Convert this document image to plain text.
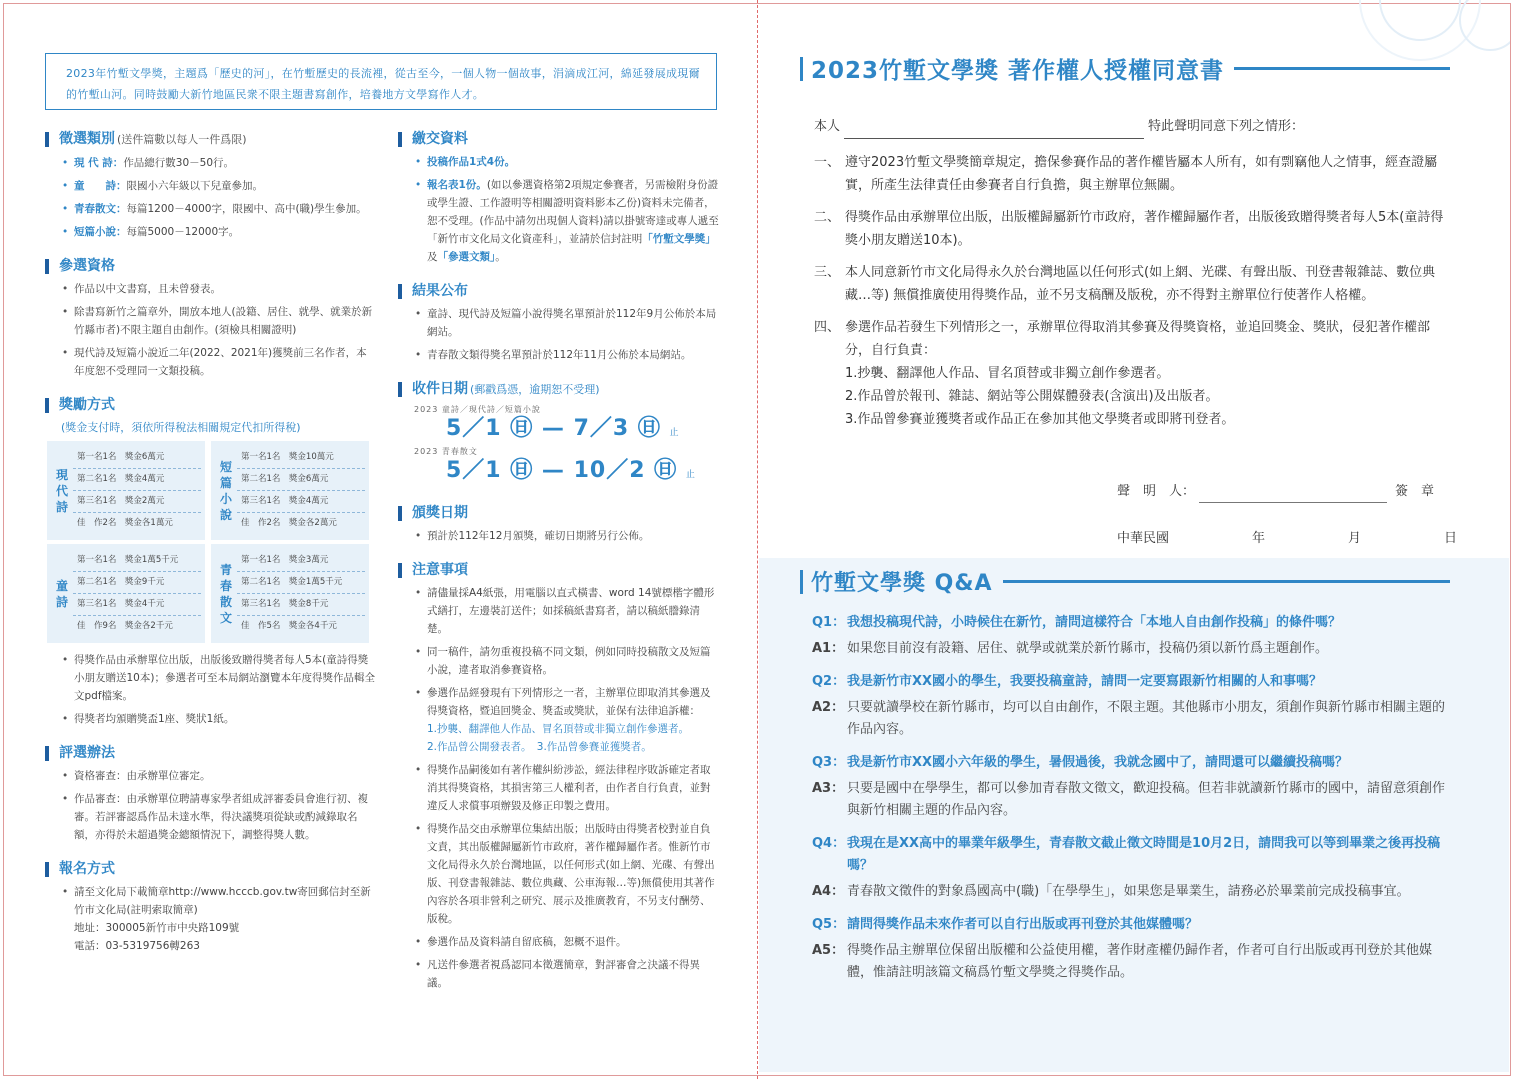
2023年竹塹文學獎，主題爲「歷史的河」，在竹塹歷史的長流裡，從古至今，一個人物一個故事，涓滴成江河，綿延發展成現爾的竹塹山河。同時鼓勵大新竹地區民衆不限主題書寫創作，培養地方文學寫作人才。
徵選類別 (送件篇數以每人一件爲限)
• 現 代 詩：作品總行數30－50行。
• 童　　詩：限國小六年級以下兒童參加。
• 青春散文：每篇1200－4000字，限國中、高中(職)學生參加。
• 短篇小說：每篇5000－12000字。
參選資格
• 作品以中文書寫，且未曾發表。
• 除書寫新竹之篇章外，開放本地人(設籍、居住、就學、就業於新竹縣市者)不限主題自由創作。(須檢具相關證明)
• 現代詩及短篇小說近二年(2022、2021年)獲獎前三名作者，本年度恕不受理同一文類投稿。
獎勵方式
(獎金支付時，須依所得稅法相關規定代扣所得稅)
現代詩
第一名1名　獎金6萬元
第二名1名　獎金4萬元
第三名1名　獎金2萬元
佳　作2名　獎金各1萬元
短篇小說
第一名1名　獎金10萬元
第二名1名　獎金6萬元
第三名1名　獎金4萬元
佳　作2名　獎金各2萬元
童詩
第一名1名　獎金1萬5千元
第二名1名　獎金9千元
第三名1名　獎金4千元
佳　作9名　獎金各2千元
青春散文
第一名1名　獎金3萬元
第二名1名　獎金1萬5千元
第三名1名　獎金8千元
佳　作5名　獎金各4千元
• 得獎作品由承辦單位出版，出版後致贈得獎者每人5本(童詩得獎小朋友贈送10本)；參選者可至本局網站瀏覽本年度得獎作品輯全文pdf檔案。
• 得獎者均頒贈獎盃1座、獎狀1紙。
評選辦法
• 資格審查：由承辦單位審定。
• 作品審查：由承辦單位聘請專家學者組成評審委員會進行初、複審。若評審認爲作品未達水準，得決議獎項從缺或酌減錄取名額，亦得於未超過獎金總額情況下，調整得獎人數。
報名方式
• 請至文化局下載簡章http://www.hcccb.gov.tw寄回郵信封至新竹市文化局(註明索取簡章)
地址：300005新竹市中央路109號
電話：03-5319756轉263
繳交資料
• 投稿作品1式4份。
• 報名表1份。(如以參選資格第2項規定參賽者，另需檢附身份證或學生證、工作證明等相關證明資料影本乙份)資料未完備者，恕不受理。(作品中請勿出現個人資料)請以掛號寄達或專人遞至「新竹市文化局文化資產科」，並請於信封註明「竹塹文學獎」及「參選文類」。
結果公布
• 童詩、現代詩及短篇小說得獎名單預計於112年9月公佈於本局網站。
• 青春散文類得獎名單預計於112年11月公佈於本局網站。
收件日期 (郵戳爲憑，逾期恕不受理)
2023 童詩／現代詩／短篇小說
5／1 ㊐ — 7／3 ㊐ 止
2023 青春散文
5／1 ㊐ — 10／2 ㊐ 止
頒獎日期
• 預計於112年12月頒獎，確切日期將另行公佈。
注意事項
• 請儘量採A4紙張，用電腦以直式橫書、word 14號標楷字體形式繕打，左邊裝訂送件；如採稿紙書寫者，請以稿紙謄錄清楚。
• 同一稿件，請勿重複投稿不同文類，例如同時投稿散文及短篇小說，違者取消參賽資格。
• 參選作品經發現有下列情形之一者，主辦單位即取消其參選及得獎資格，暨追回獎金、獎盃或獎狀，並保有法律追訴權：
1.抄襲、翻譯他人作品、冒名頂替或非獨立創作參選者。
2.作品曾公開發表者。　 3.作品曾參賽並獲獎者。
• 得獎作品嗣後如有著作權糾紛涉訟，經法律程序敗訴確定者取消其得獎資格，其損害第三人權利者，由作者自行負責，並對違反人求償事項辦毀及修正印製之費用。
• 得獎作品交由承辦單位集結出版；出版時由得獎者校對並自負文責，其出版權歸屬新竹市政府，著作權歸屬作者。惟新竹市文化局得永久於台灣地區，以任何形式(如上網、光碟、有聲出版、刊登書報雜誌、數位典藏、公車海報…等)無償使用其著作內容於各項非營利之研究、展示及推廣教育，不另支付酬勞、版稅。
• 參選作品及資料請自留底稿，恕概不退件。
• 凡送件參選者視爲認同本徵選簡章，對評審會之決議不得異議。
2023竹塹文學獎 著作權人授權同意書
本人	特此聲明同意下列之情形：
一、 遵守2023竹塹文學獎簡章規定，擔保參賽作品的著作權皆屬本人所有，如有剽竊他人之情事，經查證屬實，所產生法律責任由參賽者自行負擔，與主辦單位無關。
二、 得獎作品由承辦單位出版，出版權歸屬新竹市政府，著作權歸屬作者，出版後致贈得獎者每人5本(童詩得獎小朋友贈送10本)。
三、 本人同意新竹市文化局得永久於台灣地區以任何形式(如上網、光碟、有聲出版、刊登書報雜誌、數位典藏…等) 無償推廣使用得獎作品，並不另支稿酬及版稅，亦不得對主辦單位行使著作人格權。
四、 參選作品若發生下列情形之一，承辦單位得取消其參賽及得獎資格，並追回獎金、獎狀，侵犯著作權部分，自行負責：
1.抄襲、翻譯他人作品、冒名頂替或非獨立創作參選者。
2.作品曾於報刊、雜誌、網站等公開媒體發表(含演出)及出版者。
3.作品曾參賽並獲獎者或作品正在參加其他文學獎者或即將刊登者。
聲　明　人：	簽　章
中華民國	年	月	日
竹塹文學獎 Q&A
Q1： 我想投稿現代詩，小時候住在新竹，請問這樣符合「本地人自由創作投稿」的條件嗎？
A1： 如果您目前沒有設籍、居住、就學或就業於新竹縣市，投稿仍須以新竹爲主題創作。
Q2： 我是新竹市XX國小的學生，我要投稿童詩，請問一定要寫跟新竹相關的人和事嗎？
A2： 只要就讀學校在新竹縣市，均可以自由創作，不限主題。其他縣市小朋友，須創作與新竹縣市相關主題的作品內容。
Q3： 我是新竹市XX國小六年級的學生，暑假過後，我就念國中了，請問還可以繼續投稿嗎？
A3： 只要是國中在學學生，都可以參加青春散文徵文，歡迎投稿。但若非就讀新竹縣市的國中，請留意須創作與新竹相關主題的作品內容。
Q4： 我現在是XX高中的畢業年級學生，青春散文截止徵文時間是10月2日，請問我可以等到畢業之後再投稿嗎？
A4： 青春散文徵件的對象爲國高中(職)「在學學生」，如果您是畢業生，請務必於畢業前完成投稿事宜。
Q5： 請問得獎作品未來作者可以自行出版或再刊登於其他媒體嗎？
A5： 得獎作品主辦單位保留出版權和公益使用權，著作財產權仍歸作者，作者可自行出版或再刊登於其他媒體，惟請註明該篇文稿爲竹塹文學獎之得獎作品。
